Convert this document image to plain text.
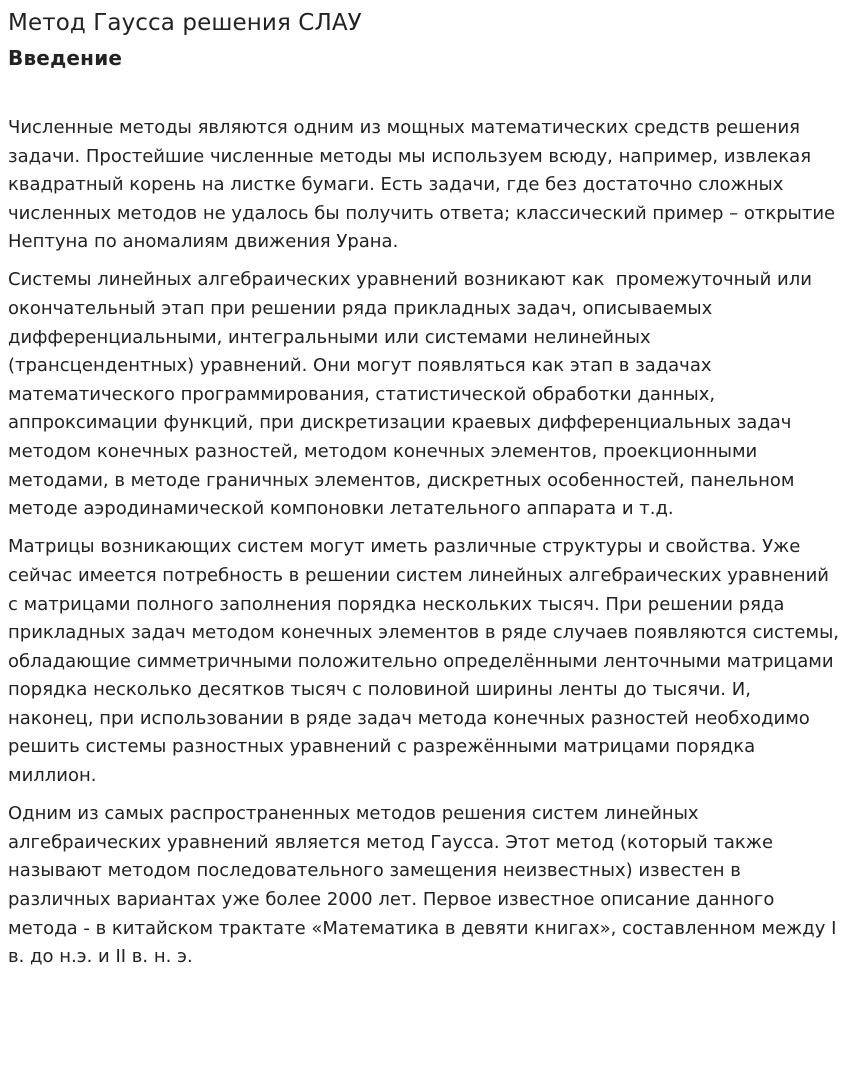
Метод Гаусса решения СЛАУ
Введение

Численные методы являются одним из мощных математических средств решения задачи. Простейшие численные методы мы используем всюду, например, извлекая квадратный корень на листке бумаги. Есть задачи, где без достаточно сложных численных методов не удалось бы получить ответа; классический пример – открытие Нептуна по аномалиям движения Урана.

Системы линейных алгебраических уравнений возникают как  промежуточный или окончательный этап при решении ряда прикладных задач, описываемых дифференциальными, интегральными или системами нелинейных (трансцендентных) уравнений. Они могут появляться как этап в задачах математического программирования, статистической обработки данных, аппроксимации функций, при дискретизации краевых дифференциальных задач методом конечных разностей, методом конечных элементов, проекционными методами, в методе граничных элементов, дискретных особенностей, панельном методе аэродинамической компоновки летательного аппарата и т.д.

Матрицы возникающих систем могут иметь различные структуры и свойства. Уже сейчас имеется потребность в решении систем линейных алгебраических уравнений с матрицами полного заполнения порядка нескольких тысяч. При решении ряда прикладных задач методом конечных элементов в ряде случаев появляются системы, обладающие симметричными положительно определёнными ленточными матрицами порядка несколько десятков тысяч с половиной ширины ленты до тысячи. И, наконец, при использовании в ряде задач метода конечных разностей необходимо решить системы разностных уравнений с разрежёнными матрицами порядка миллион.

Одним из самых распространенных методов решения систем линейных алгебраических уравнений является метод Гаусса. Этот метод (который также называют методом последовательного замещения неизвестных) известен в различных вариантах уже более 2000 лет. Первое известное описание данного метода - в китайском трактате «Математика в девяти книгах», составленном между I в. до н.э. и II в. н. э.
